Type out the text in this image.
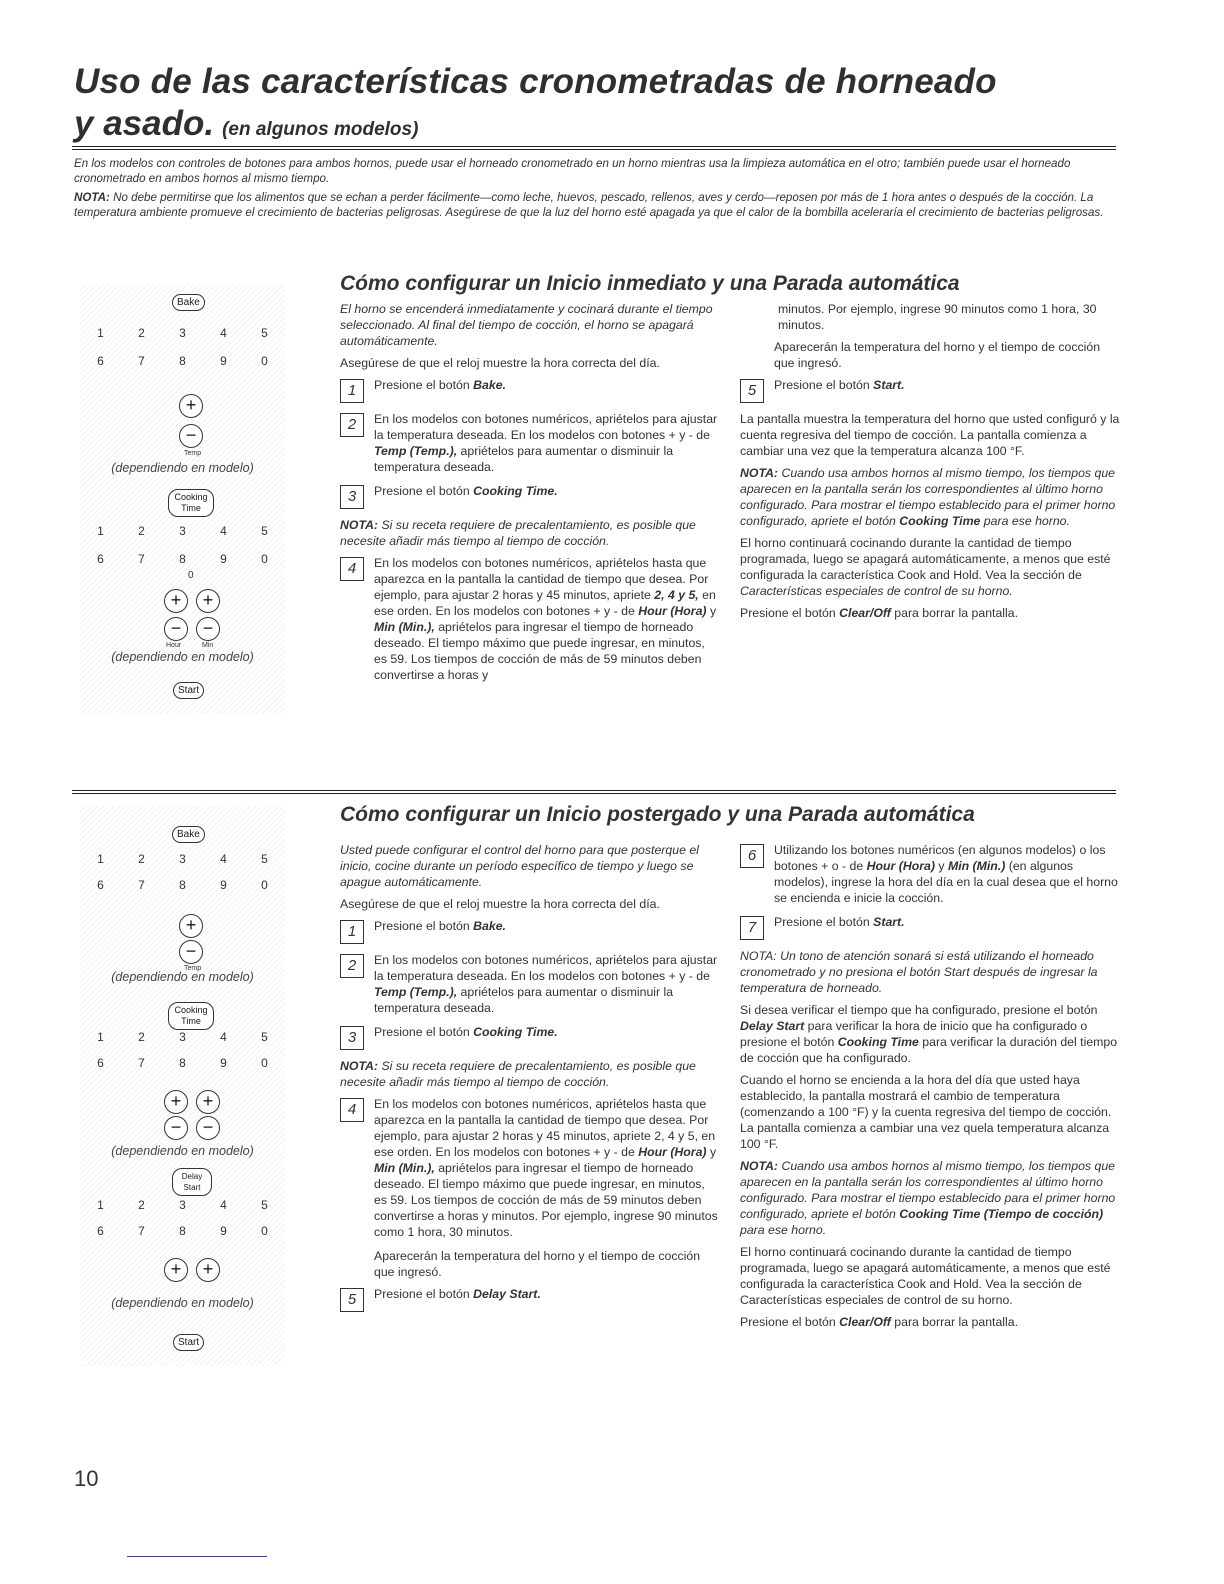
Uso de las características cronometradas de horneado
y asado. (en algunos modelos)

En los modelos con controles de botones para ambos hornos, puede usar el horneado cronometrado en un horno mientras usa la limpieza automática en el otro; también puede usar el horneado cronometrado en ambos hornos al mismo tiempo.

NOTA: No debe permitirse que los alimentos que se echan a perder fácilmente—como leche, huevos, pescado, rellenos, aves y cerdo—reposen por más de 1 hora antes o después de la cocción. La temperatura ambiente promueve el crecimiento de bacterias peligrosas. Asegúrese de que la luz del horno esté apagada ya que el calor de la bombilla aceleraría el crecimiento de bacterias peligrosas.

Bake
1	2	3	4	5
6	7	8	9	0
+
−
Temp
(dependiendo en modelo)
Cooking Time
1	2	3	4	5
6	7	8	9	0
0
+	+
−	−
Hour	Min
(dependiendo en modelo)
Start
Cómo configurar un Inicio inmediato y una Parada automática

El horno se encenderá inmediatamente y cocinará durante el tiempo seleccionado. Al final del tiempo de cocción, el horno se apagará automáticamente.

Asegúrese de que el reloj muestre la hora correcta del día.

1	Presione el botón Bake.
2	En los modelos con botones numéricos, apriételos para ajustar la temperatura deseada. En los modelos con botones + y - de Temp (Temp.), apriételos para aumentar o disminuir la temperatura deseada.
3	Presione el botón Cooking Time.

NOTA: Si su receta requiere de precalentamiento, es posible que necesite añadir más tiempo al tiempo de cocción.

4	En los modelos con botones numéricos, apriételos hasta que aparezca en la pantalla la cantidad de tiempo que desea. Por ejemplo, para ajustar 2 horas y 45 minutos, apriete 2, 4 y 5, en ese orden. En los modelos con botones + y - de Hour (Hora) y Min (Min.), apriételos para ingresar el tiempo de horneado deseado. El tiempo máximo que puede ingresar, en minutos, es 59. Los tiempos de cocción de más de 59 minutos deben convertirse a horas y

minutos. Por ejemplo, ingrese 90 minutos como 1 hora, 30 minutos.

Aparecerán la temperatura del horno y el tiempo de cocción que ingresó.

5	Presione el botón Start.

La pantalla muestra la temperatura del horno que usted configuró y la cuenta regresiva del tiempo de cocción. La pantalla comienza a cambiar una vez que la temperatura alcanza 100 °F.

NOTA: Cuando usa ambos hornos al mismo tiempo, los tiempos que aparecen en la pantalla serán los correspondientes al último horno configurado. Para mostrar el tiempo establecido para el primer horno configurado, apriete el botón Cooking Time para ese horno.

El horno continuará cocinando durante la cantidad de tiempo programada, luego se apagará automáticamente, a menos que esté configurada la característica Cook and Hold. Vea la sección de Características especiales de control de su horno.

Presione el botón Clear/Off para borrar la pantalla.

Bake
1	2	3	4	5
6	7	8	9	0
+
−
Temp
(dependiendo en modelo)
Cooking Time
1	2	3	4	5
6	7	8	9	0
+	+
−	−
(dependiendo en modelo)
Delay Start
1	2	3	4	5
6	7	8	9	0
+	+
(dependiendo en modelo)
Start
Cómo configurar un Inicio postergado y una Parada automática

Usted puede configurar el control del horno para que posterque el inicio, cocine durante un período específico de tiempo y luego se apague automáticamente.

Asegúrese de que el reloj muestre la hora correcta del día.

1	Presione el botón Bake.
2	En los modelos con botones numéricos, apriételos para ajustar la temperatura deseada. En los modelos con botones + y - de Temp (Temp.), apriételos para aumentar o disminuir la temperatura deseada.
3	Presione el botón Cooking Time.

NOTA: Si su receta requiere de precalentamiento, es posible que necesite añadir más tiempo al tiempo de cocción.

4	En los modelos con botones numéricos, apriételos hasta que aparezca en la pantalla la cantidad de tiempo que desea. Por ejemplo, para ajustar 2 horas y 45 minutos, apriete 2, 4 y 5, en ese orden. En los modelos con botones + y - de Hour (Hora) y Min (Min.), apriételos para ingresar el tiempo de horneado deseado. El tiempo máximo que puede ingresar, en minutos, es 59. Los tiempos de cocción de más de 59 minutos deben convertirse a horas y minutos. Por ejemplo, ingrese 90 minutos como 1 hora, 30 minutos.

Aparecerán la temperatura del horno y el tiempo de cocción que ingresó.

5	Presione el botón Delay Start.
6	Utilizando los botones numéricos (en algunos modelos) o los botones + o - de Hour (Hora) y Min (Min.) (en algunos modelos), ingrese la hora del día en la cual desea que el horno se encienda e inicie la cocción.
7	Presione el botón Start.

NOTA: Un tono de atención sonará si está utilizando el horneado cronometrado y no presiona el botón Start después de ingresar la temperatura de horneado.

Si desea verificar el tiempo que ha configurado, presione el botón Delay Start para verificar la hora de inicio que ha configurado o presione el botón Cooking Time para verificar la duración del tiempo de cocción que ha configurado.

Cuando el horno se encienda a la hora del día que usted haya establecido, la pantalla mostrará el cambio de temperatura (comenzando a 100 °F) y la cuenta regresiva del tiempo de cocción. La pantalla comienza a cambiar una vez quela temperatura alcanza 100 °F.

NOTA: Cuando usa ambos hornos al mismo tiempo, los tiempos que aparecen en la pantalla serán los correspondientes al último horno configurado. Para mostrar el tiempo establecido para el primer horno configurado, apriete el botón Cooking Time (Tiempo de cocción) para ese horno.

El horno continuará cocinando durante la cantidad de tiempo programada, luego se apagará automáticamente, a menos que esté configurada la característica Cook and Hold. Vea la sección de Características especiales de control de su horno.

Presione el botón Clear/Off para borrar la pantalla.

10
